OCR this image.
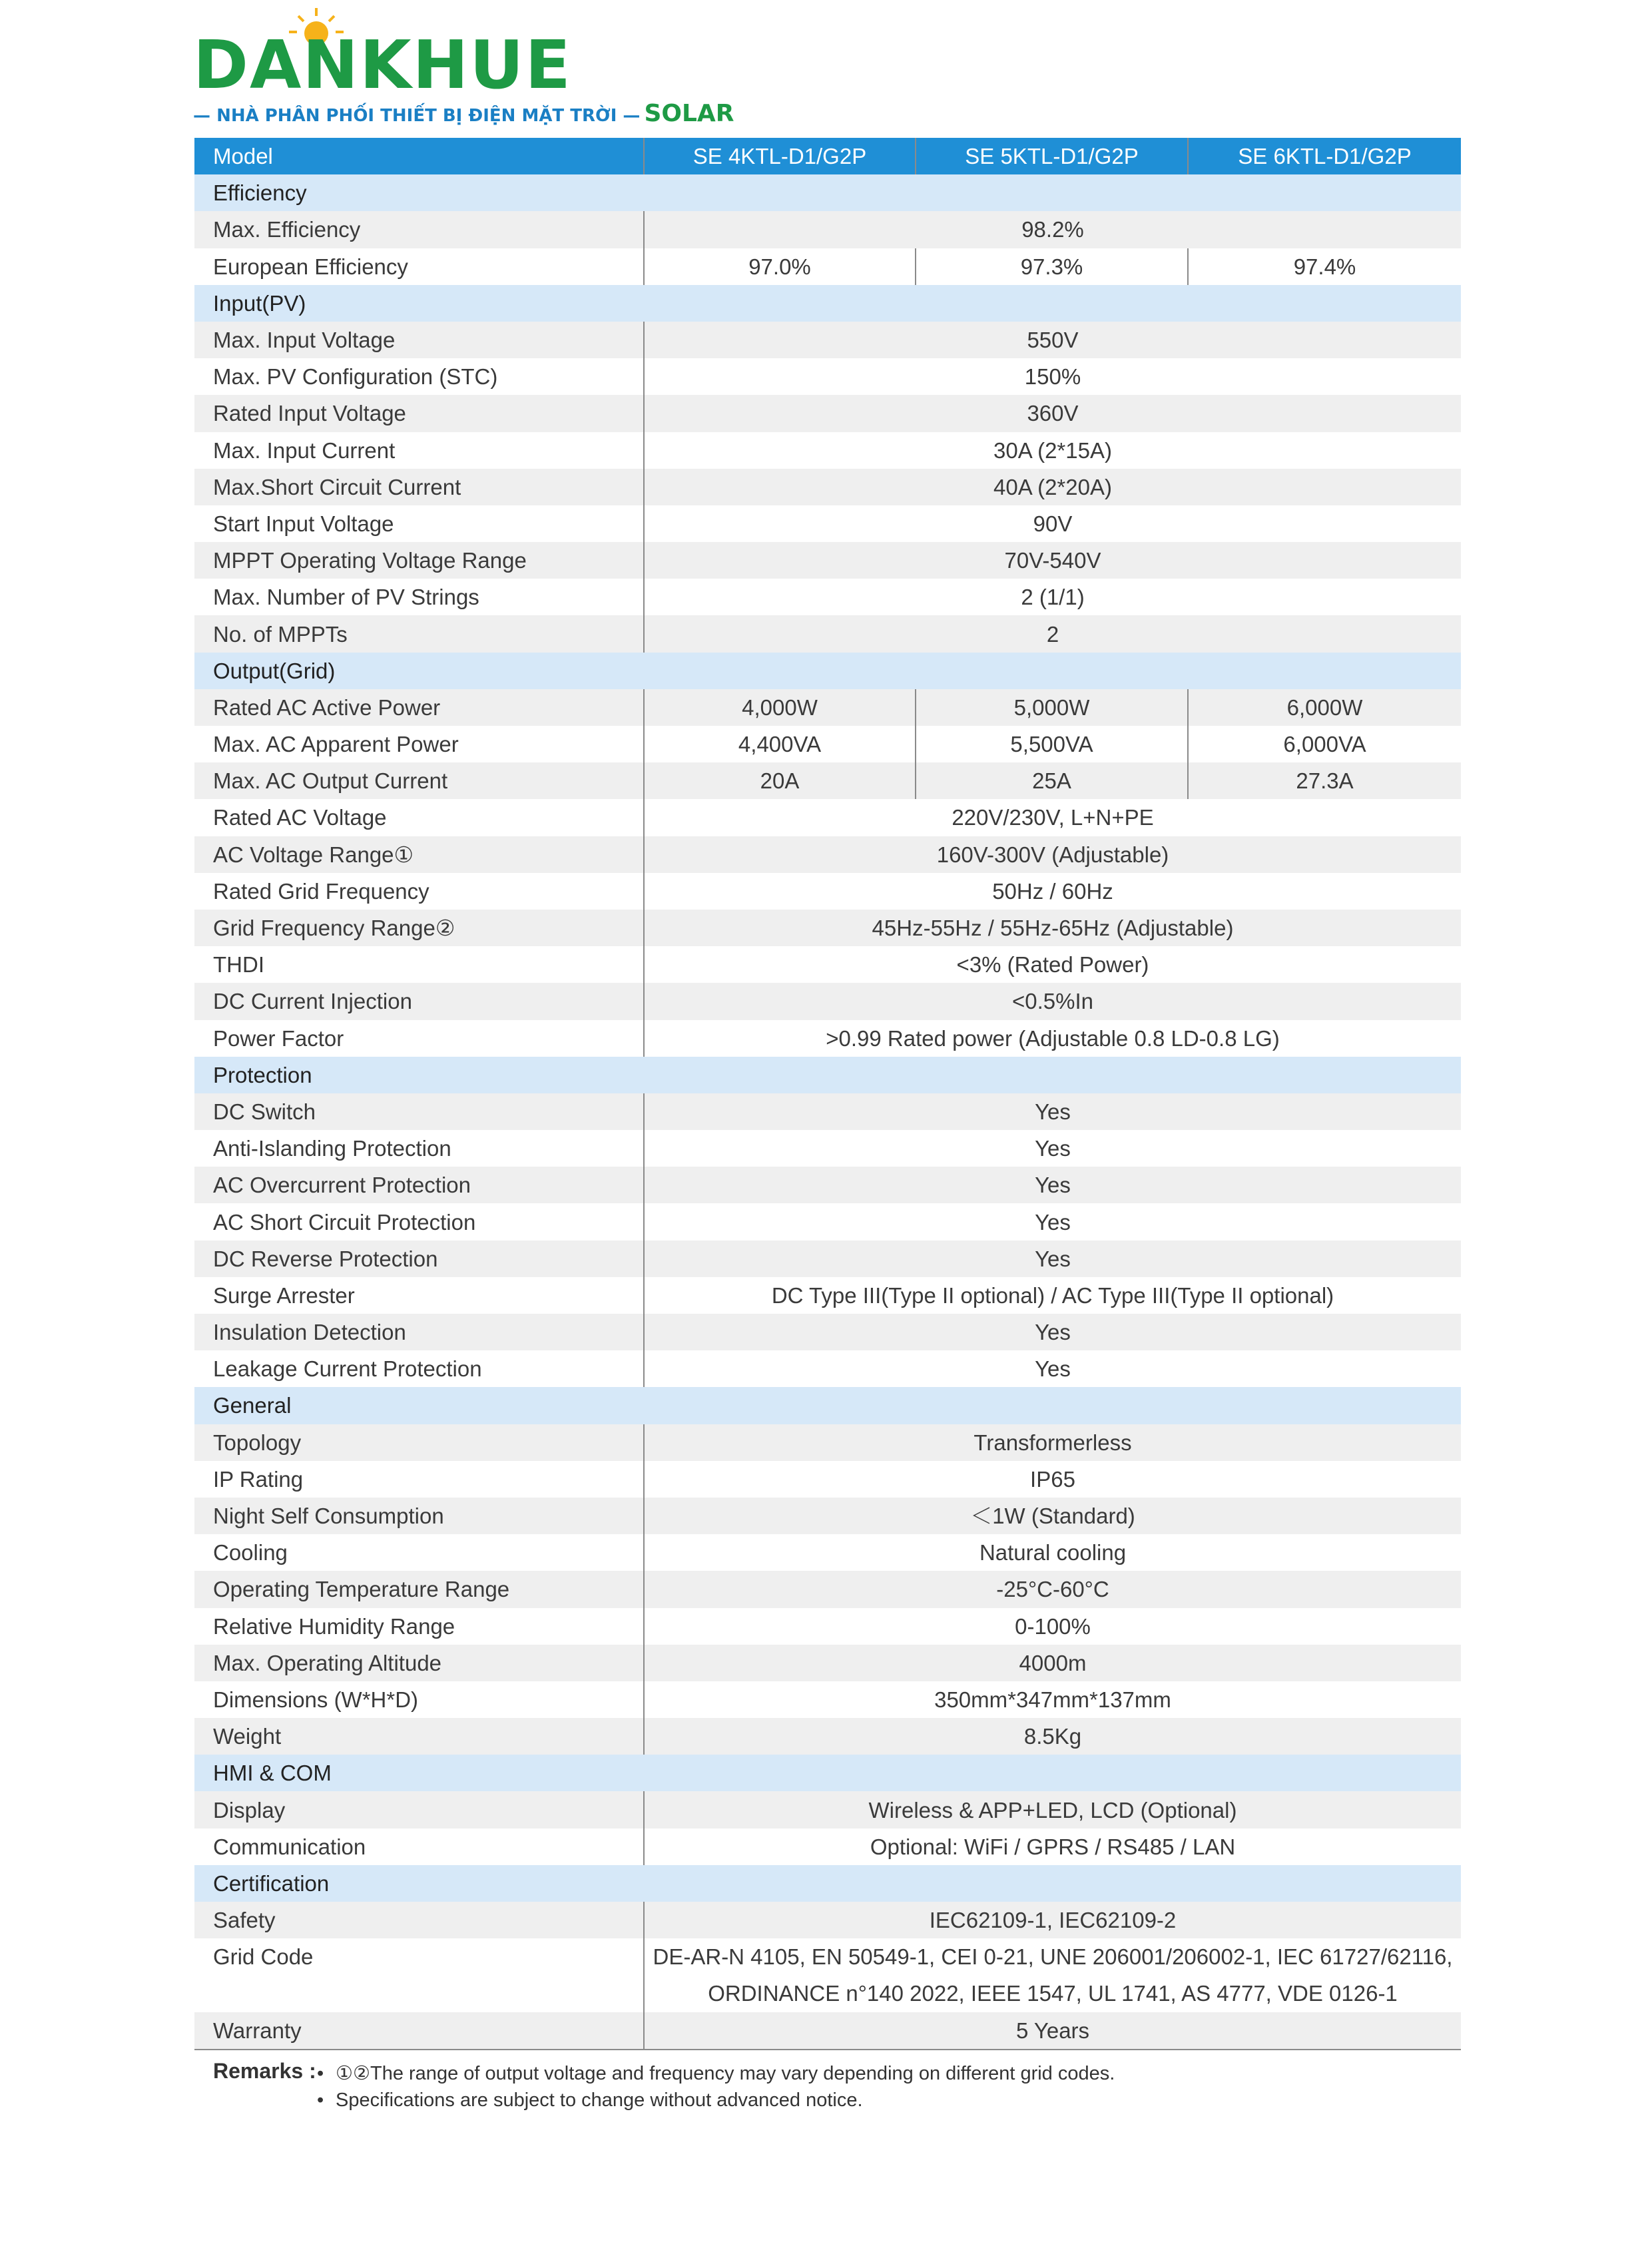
DANKHUE
— NHÀ PHÂN PHỐI THIẾT BỊ ĐIỆN MẶT TRỜI — SOLAR
Model	SE 4KTL-D1/G2P	SE 5KTL-D1/G2P	SE 6KTL-D1/G2P
Efficiency			
Max. Efficiency	98.2%		
European Efficiency	97.0%	97.3%	97.4%
Input(PV)			
Max. Input Voltage	550V		
Max. PV Configuration (STC)	150%		
Rated Input Voltage	360V		
Max. Input Current	30A (2*15A)		
Max.Short Circuit Current	40A (2*20A)		
Start Input Voltage	90V		
MPPT Operating Voltage Range	70V-540V		
Max. Number of PV Strings	2 (1/1)		
No. of MPPTs	2		
Output(Grid)			
Rated AC Active Power	4,000W	5,000W	6,000W
Max. AC Apparent Power	4,400VA	5,500VA	6,000VA
Max. AC Output Current	20A	25A	27.3A
Rated AC Voltage	220V/230V, L+N+PE		
AC Voltage Range①	160V-300V (Adjustable)		
Rated Grid Frequency	50Hz / 60Hz		
Grid Frequency Range②	45Hz-55Hz / 55Hz-65Hz (Adjustable)		
THDI	<3% (Rated Power)		
DC Current Injection	<0.5%In		
Power Factor	>0.99 Rated power (Adjustable 0.8 LD-0.8 LG)		
Protection			
DC Switch	Yes		
Anti-Islanding Protection	Yes		
AC Overcurrent Protection	Yes		
AC Short Circuit Protection	Yes		
DC Reverse Protection	Yes		
Surge Arrester	DC Type III(Type II optional) / AC Type III(Type II optional)		
Insulation Detection	Yes		
Leakage Current Protection	Yes		
General			
Topology	Transformerless		
IP Rating	IP65		
Night Self Consumption	＜1W (Standard)		
Cooling	Natural cooling		
Operating Temperature Range	-25°C-60°C		
Relative Humidity Range	0-100%		
Max. Operating Altitude	4000m		
Dimensions (W*H*D)	350mm*347mm*137mm		
Weight	8.5Kg		
HMI & COM			
Display	Wireless & APP+LED, LCD (Optional)		
Communication	Optional: WiFi / GPRS / RS485 / LAN		
Certification			
Safety	IEC62109-1, IEC62109-2		
Grid Code	DE-AR-N 4105, EN 50549-1, CEI 0-21, UNE 206001/206002-1, IEC 61727/62116,		
	ORDINANCE n°140 2022, IEEE 1547, UL 1741, AS 4777, VDE 0126-1		
Warranty	5 Years		
Remarks : • ①②The range of output voltage and frequency may vary depending on different grid codes.
• Specifications are subject to change without advanced notice.
